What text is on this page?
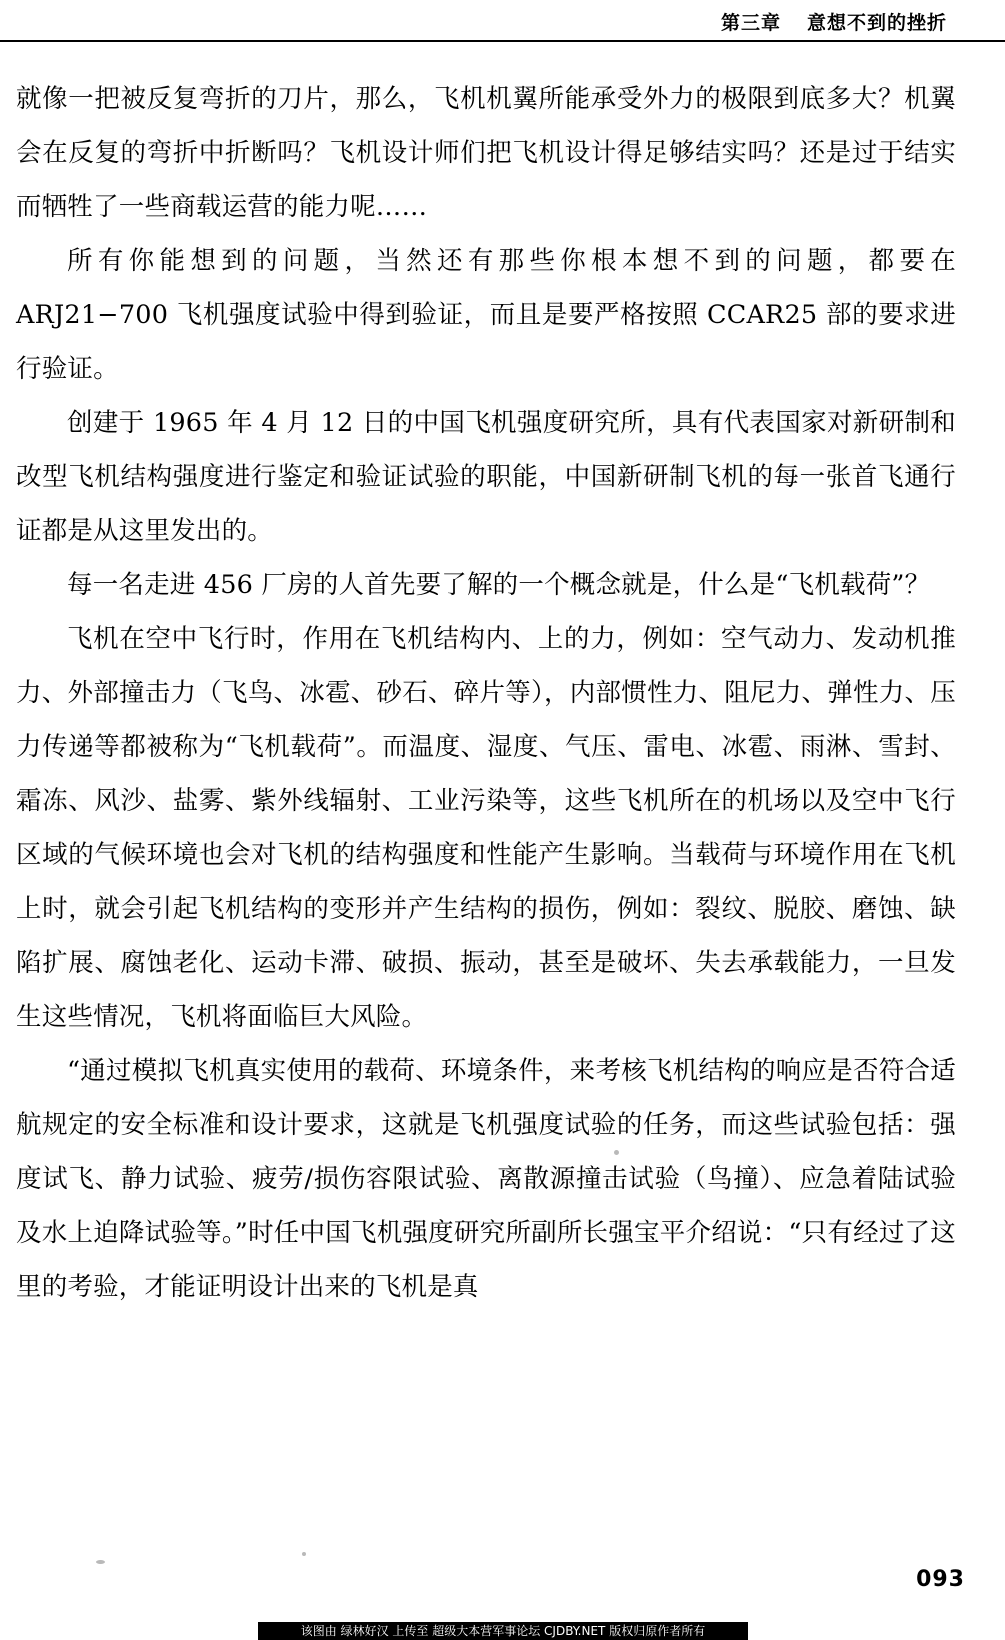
第三章 意想不到的挫折

就像一把被反复弯折的刀片，那么，飞机机翼所能承受外力的极限到底多大？机翼会在反复的弯折中折断吗？飞机设计师们把飞机设计得足够结实吗？还是过于结实而牺牲了一些商载运营的能力呢……

所有你能想到的问题，当然还有那些你根本想不到的问题，都要在 ARJ21−700 飞机强度试验中得到验证，而且是要严格按照 CCAR25 部的要求进行验证。

创建于 1965 年 4 月 12 日的中国飞机强度研究所，具有代表国家对新研制和改型飞机结构强度进行鉴定和验证试验的职能，中国新研制飞机的每一张首飞通行证都是从这里发出的。

每一名走进 456 厂房的人首先要了解的一个概念就是，什么是“飞机载荷”？

飞机在空中飞行时，作用在飞机结构内、上的力，例如：空气动力、发动机推力、外部撞击力（飞鸟、冰雹、砂石、碎片等），内部惯性力、阻尼力、弹性力、压力传递等都被称为“飞机载荷”。而温度、湿度、气压、雷电、冰雹、雨淋、雪封、霜冻、风沙、盐雾、紫外线辐射、工业污染等，这些飞机所在的机场以及空中飞行区域的气候环境也会对飞机的结构强度和性能产生影响。当载荷与环境作用在飞机上时，就会引起飞机结构的变形并产生结构的损伤，例如：裂纹、脱胶、磨蚀、缺陷扩展、腐蚀老化、运动卡滞、破损、振动，甚至是破坏、失去承载能力，一旦发生这些情况，飞机将面临巨大风险。

“通过模拟飞机真实使用的载荷、环境条件，来考核飞机结构的响应是否符合适航规定的安全标准和设计要求，这就是飞机强度试验的任务，而这些试验包括：强度试飞、静力试验、疲劳/损伤容限试验、离散源撞击试验（鸟撞）、应急着陆试验及水上迫降试验等。”时任中国飞机强度研究所副所长强宝平介绍说：“只有经过了这里的考验，才能证明设计出来的飞机是真

093
该图由 绿林好汉 上传至 超级大本营军事论坛 CJDBY.NET 版权归原作者所有
